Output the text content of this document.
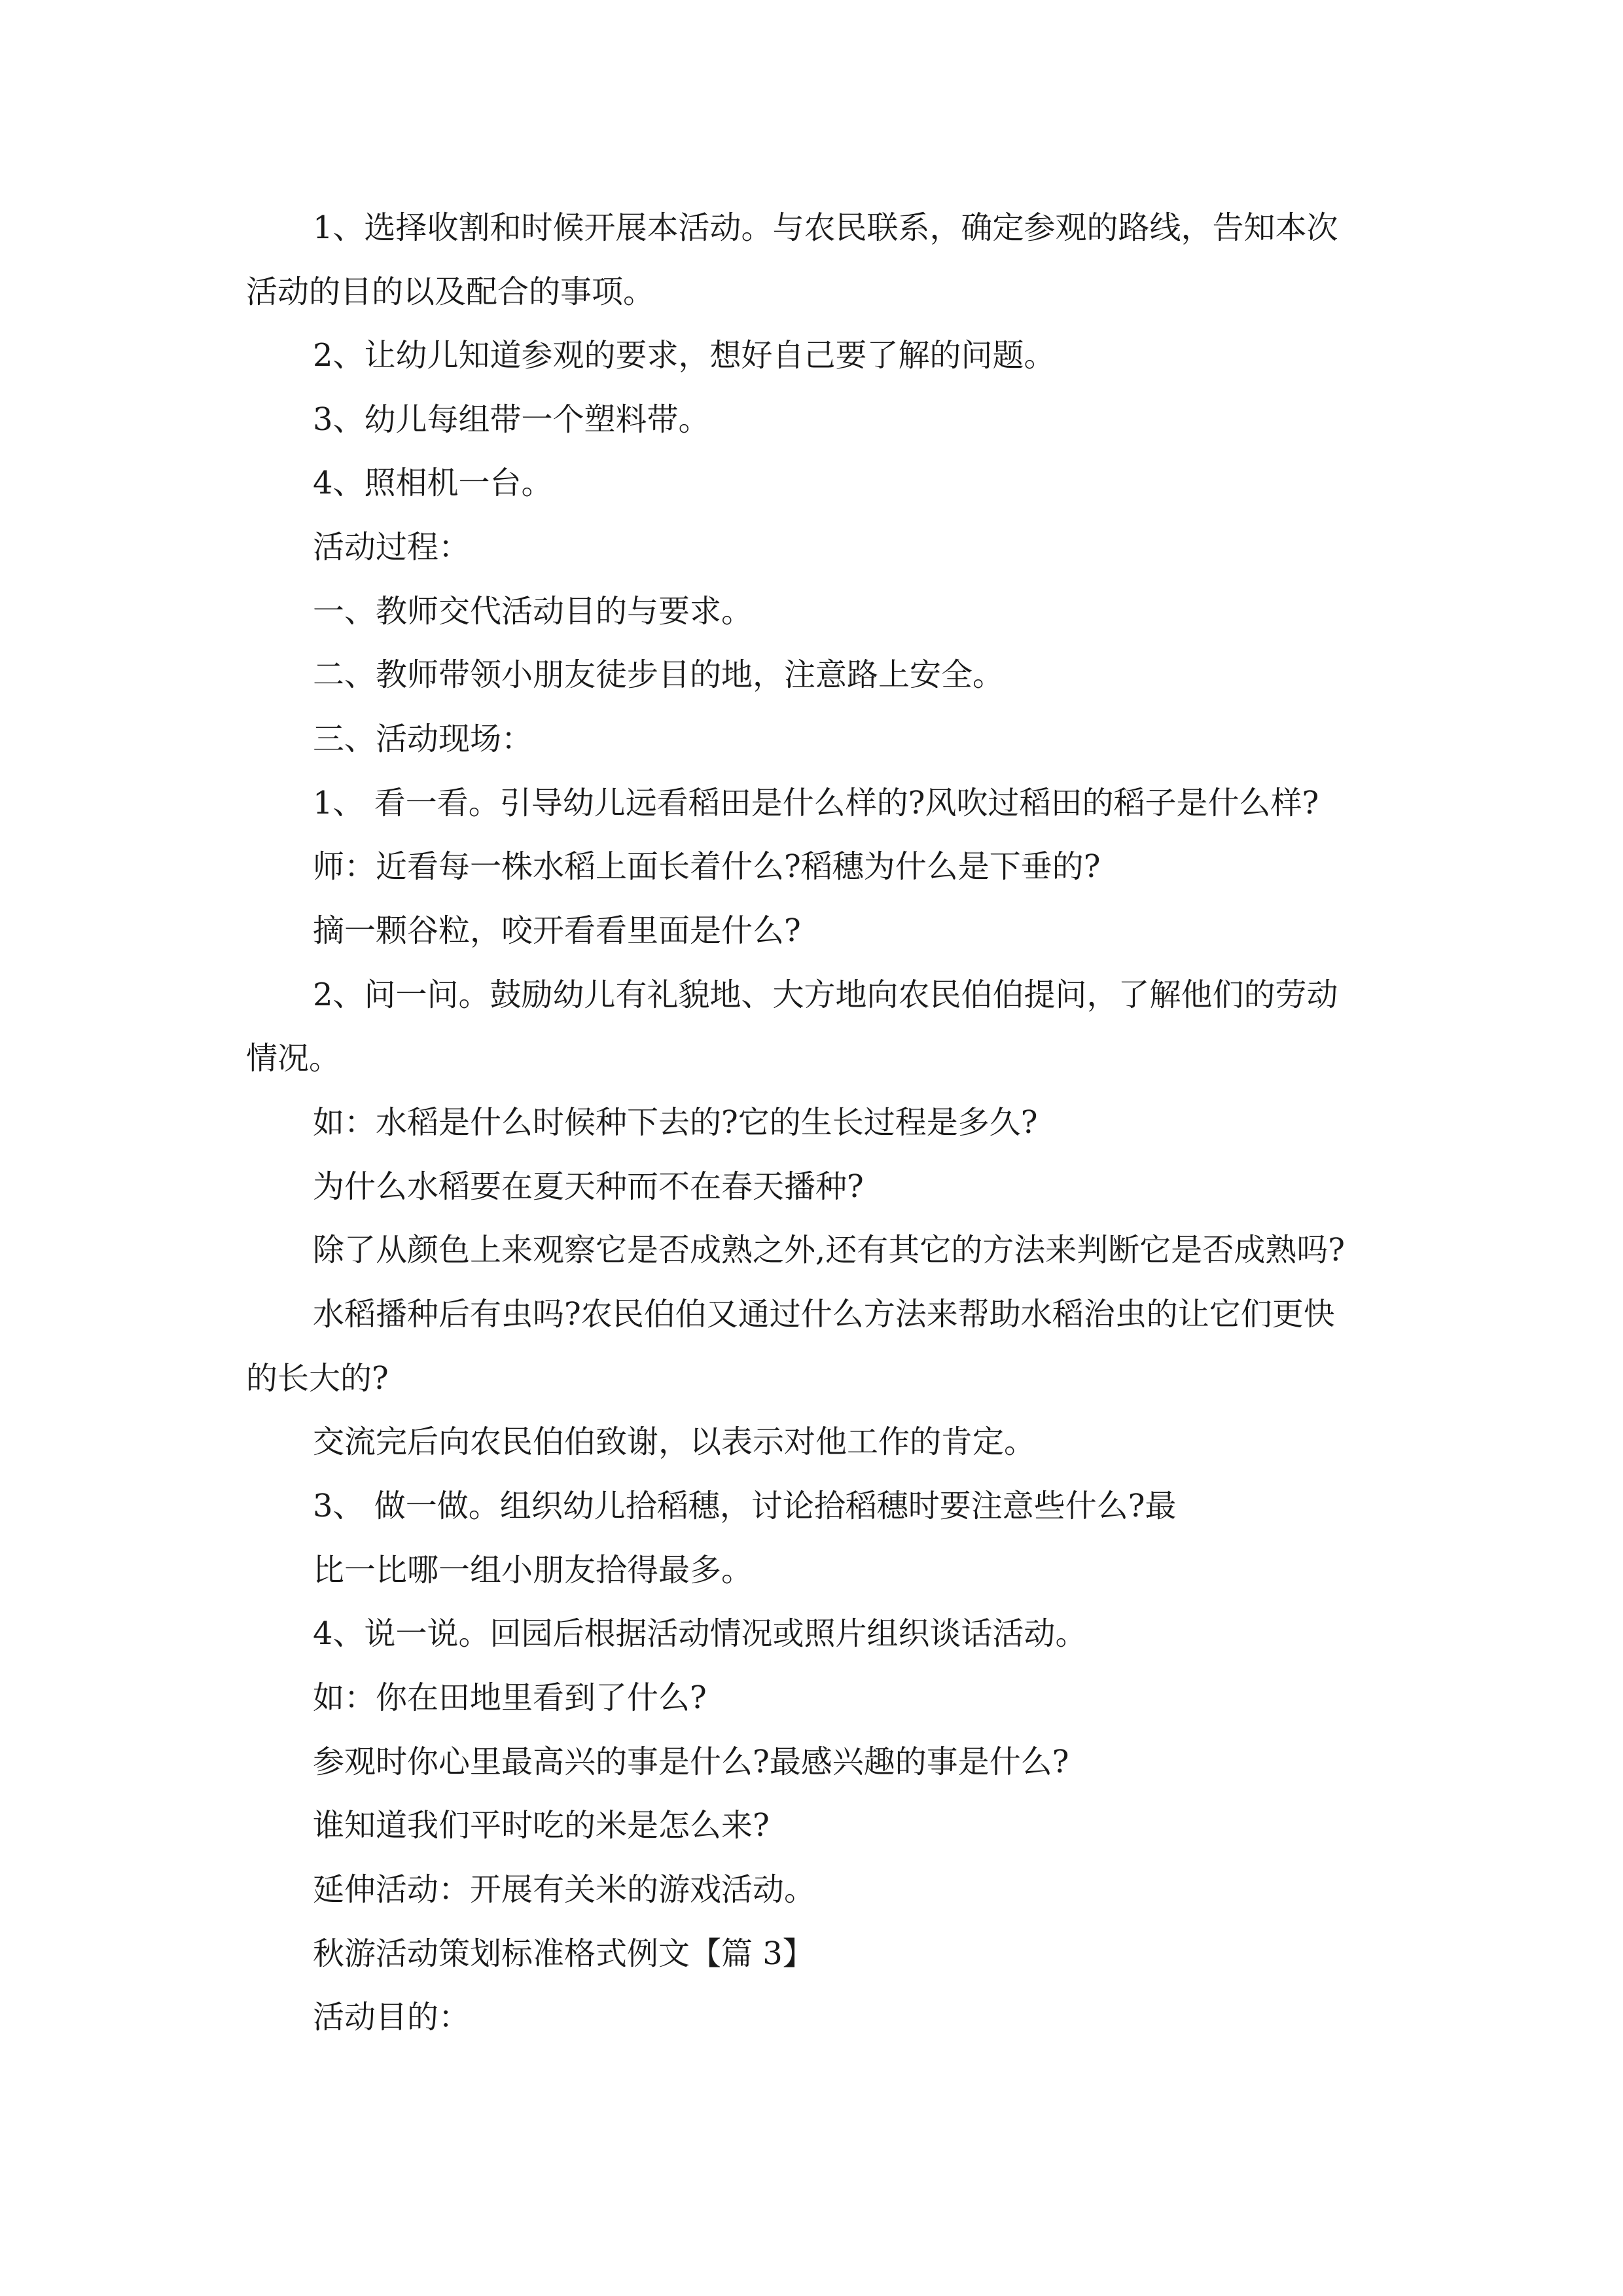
1、选择收割和时候开展本活动。与农民联系，确定参观的路线，告知本次

活动的目的以及配合的事项。

2、让幼儿知道参观的要求，想好自己要了解的问题。

3、幼儿每组带一个塑料带。

4、照相机一台。

活动过程：

一、教师交代活动目的与要求。

二、教师带领小朋友徒步目的地，注意路上安全。

三、活动现场：

1、 看一看。引导幼儿远看稻田是什么样的?风吹过稻田的稻子是什么样?

师：近看每一株水稻上面长着什么?稻穗为什么是下垂的?

摘一颗谷粒，咬开看看里面是什么?

2、问一问。鼓励幼儿有礼貌地、大方地向农民伯伯提问，了解他们的劳动

情况。

如：水稻是什么时候种下去的?它的生长过程是多久?

为什么水稻要在夏天种而不在春天播种?

除了从颜色上来观察它是否成熟之外,还有其它的方法来判断它是否成熟吗?

水稻播种后有虫吗?农民伯伯又通过什么方法来帮助水稻治虫的让它们更快

的长大的?

交流完后向农民伯伯致谢，以表示对他工作的肯定。

3、 做一做。组织幼儿拾稻穗，讨论拾稻穗时要注意些什么?最

比一比哪一组小朋友拾得最多。

4、说一说。回园后根据活动情况或照片组织谈话活动。

如：你在田地里看到了什么?

参观时你心里最高兴的事是什么?最感兴趣的事是什么?

谁知道我们平时吃的米是怎么来?

延伸活动：开展有关米的游戏活动。

秋游活动策划标准格式例文【篇 3】

活动目的：
